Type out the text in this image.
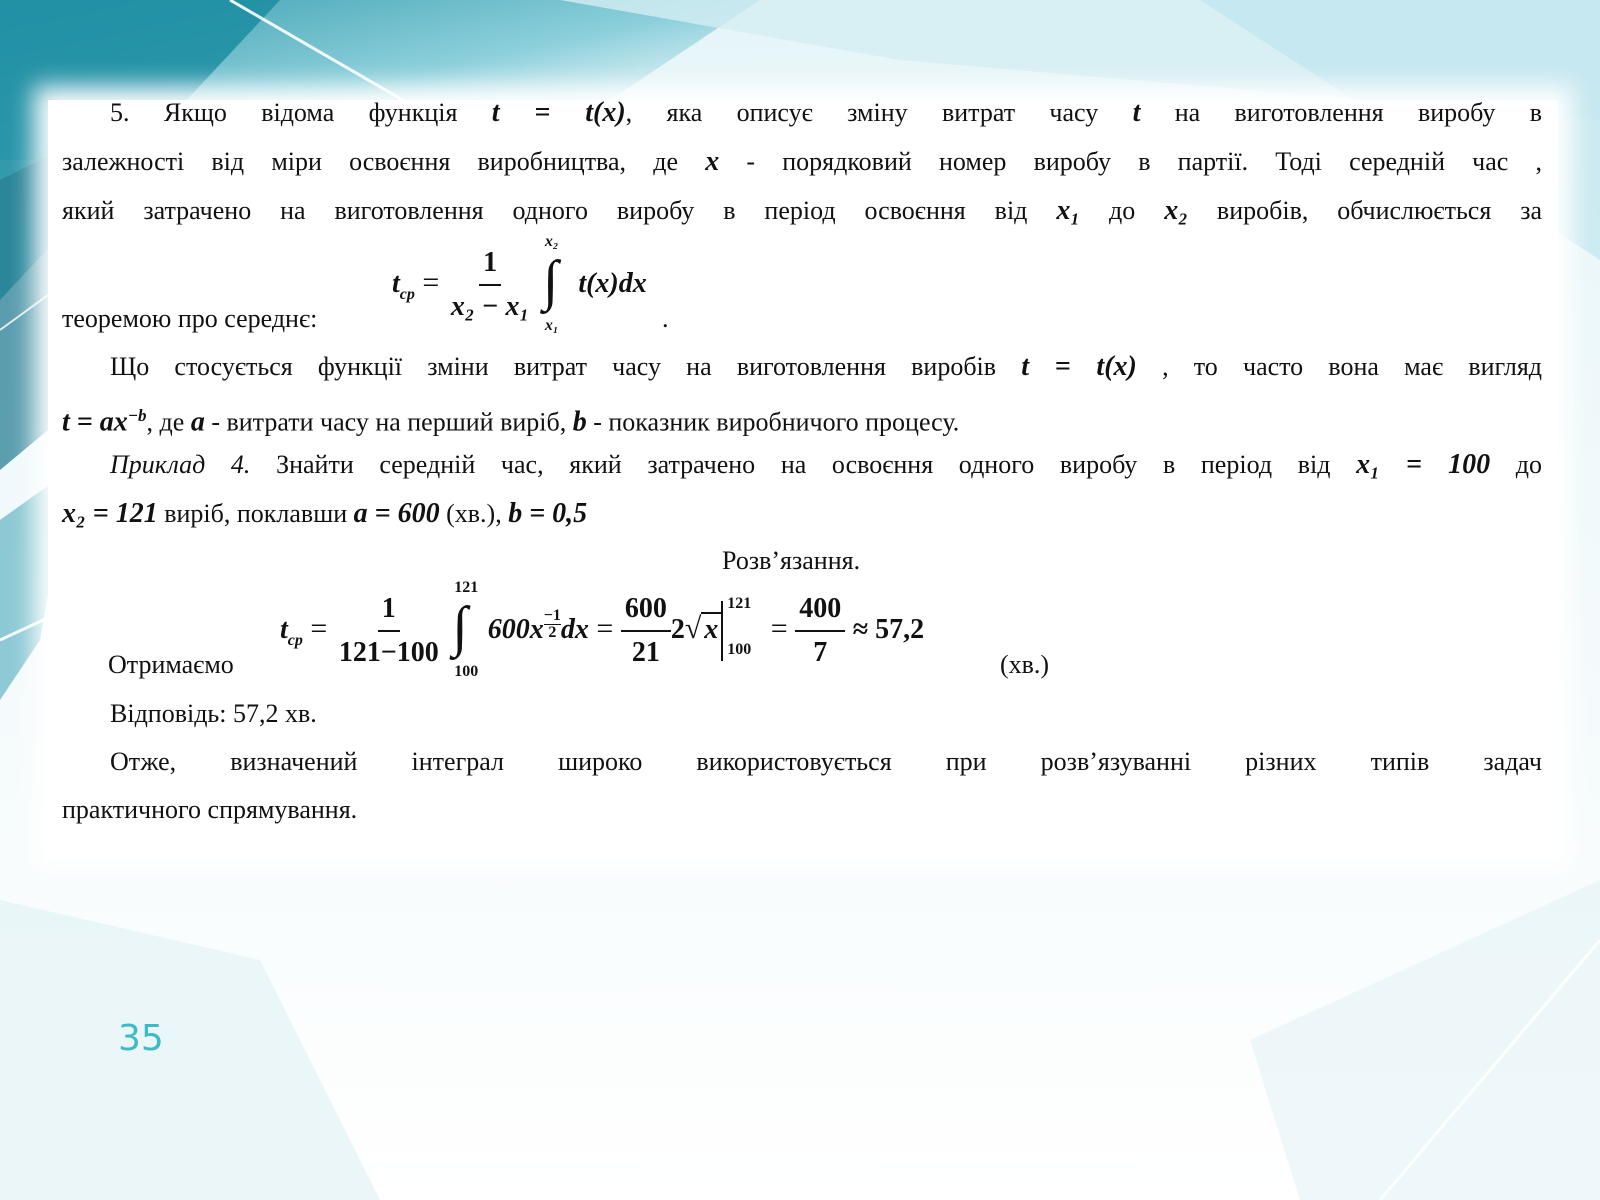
5. Якщо відома функція t = t(x), яка описує зміну витрат часу t на виготовлення виробу в
залежності від міри освоєння виробництва, де x - порядковий номер виробу в партії. Тоді середній час ,
який затрачено на виготовлення одного виробу в період освоєння від x₁ до x₂ виробів, обчислюється за
теоремою про середнє:
$t_{ср} = \frac{1}{\text{x₂ − x₁}}$
∫
x₂
x₁
t(x)dx
.
Що стосується функції зміни витрат часу на виготовлення виробів t = t(x) , то часто вона має вигляд
$t = ax^{-b}$, де a - витрати часу на перший виріб, b - показник виробничого процесу.
Приклад 4. Знайти середній час, який затрачено на освоєння одного виробу в період від x₁ = 100 до
x₂ = 121 виріб, поклавши a = 600 (хв.), b = 0,5
Розв’язання.
Отримаємо
$t_{ср} = \frac{1}{121-100}$
∫
121
100
600x $^{\frac{-1}{2}}$ dx = $\frac{600}{21} 2√$ x
121
100
= $\frac{400}{7} \approx 57,2$
(хв.)
Відповідь: 57,2 хв.
Отже, визначений інтеграл широко використовується при розв’язуванні різних типів задач
практичного спрямування.
35
